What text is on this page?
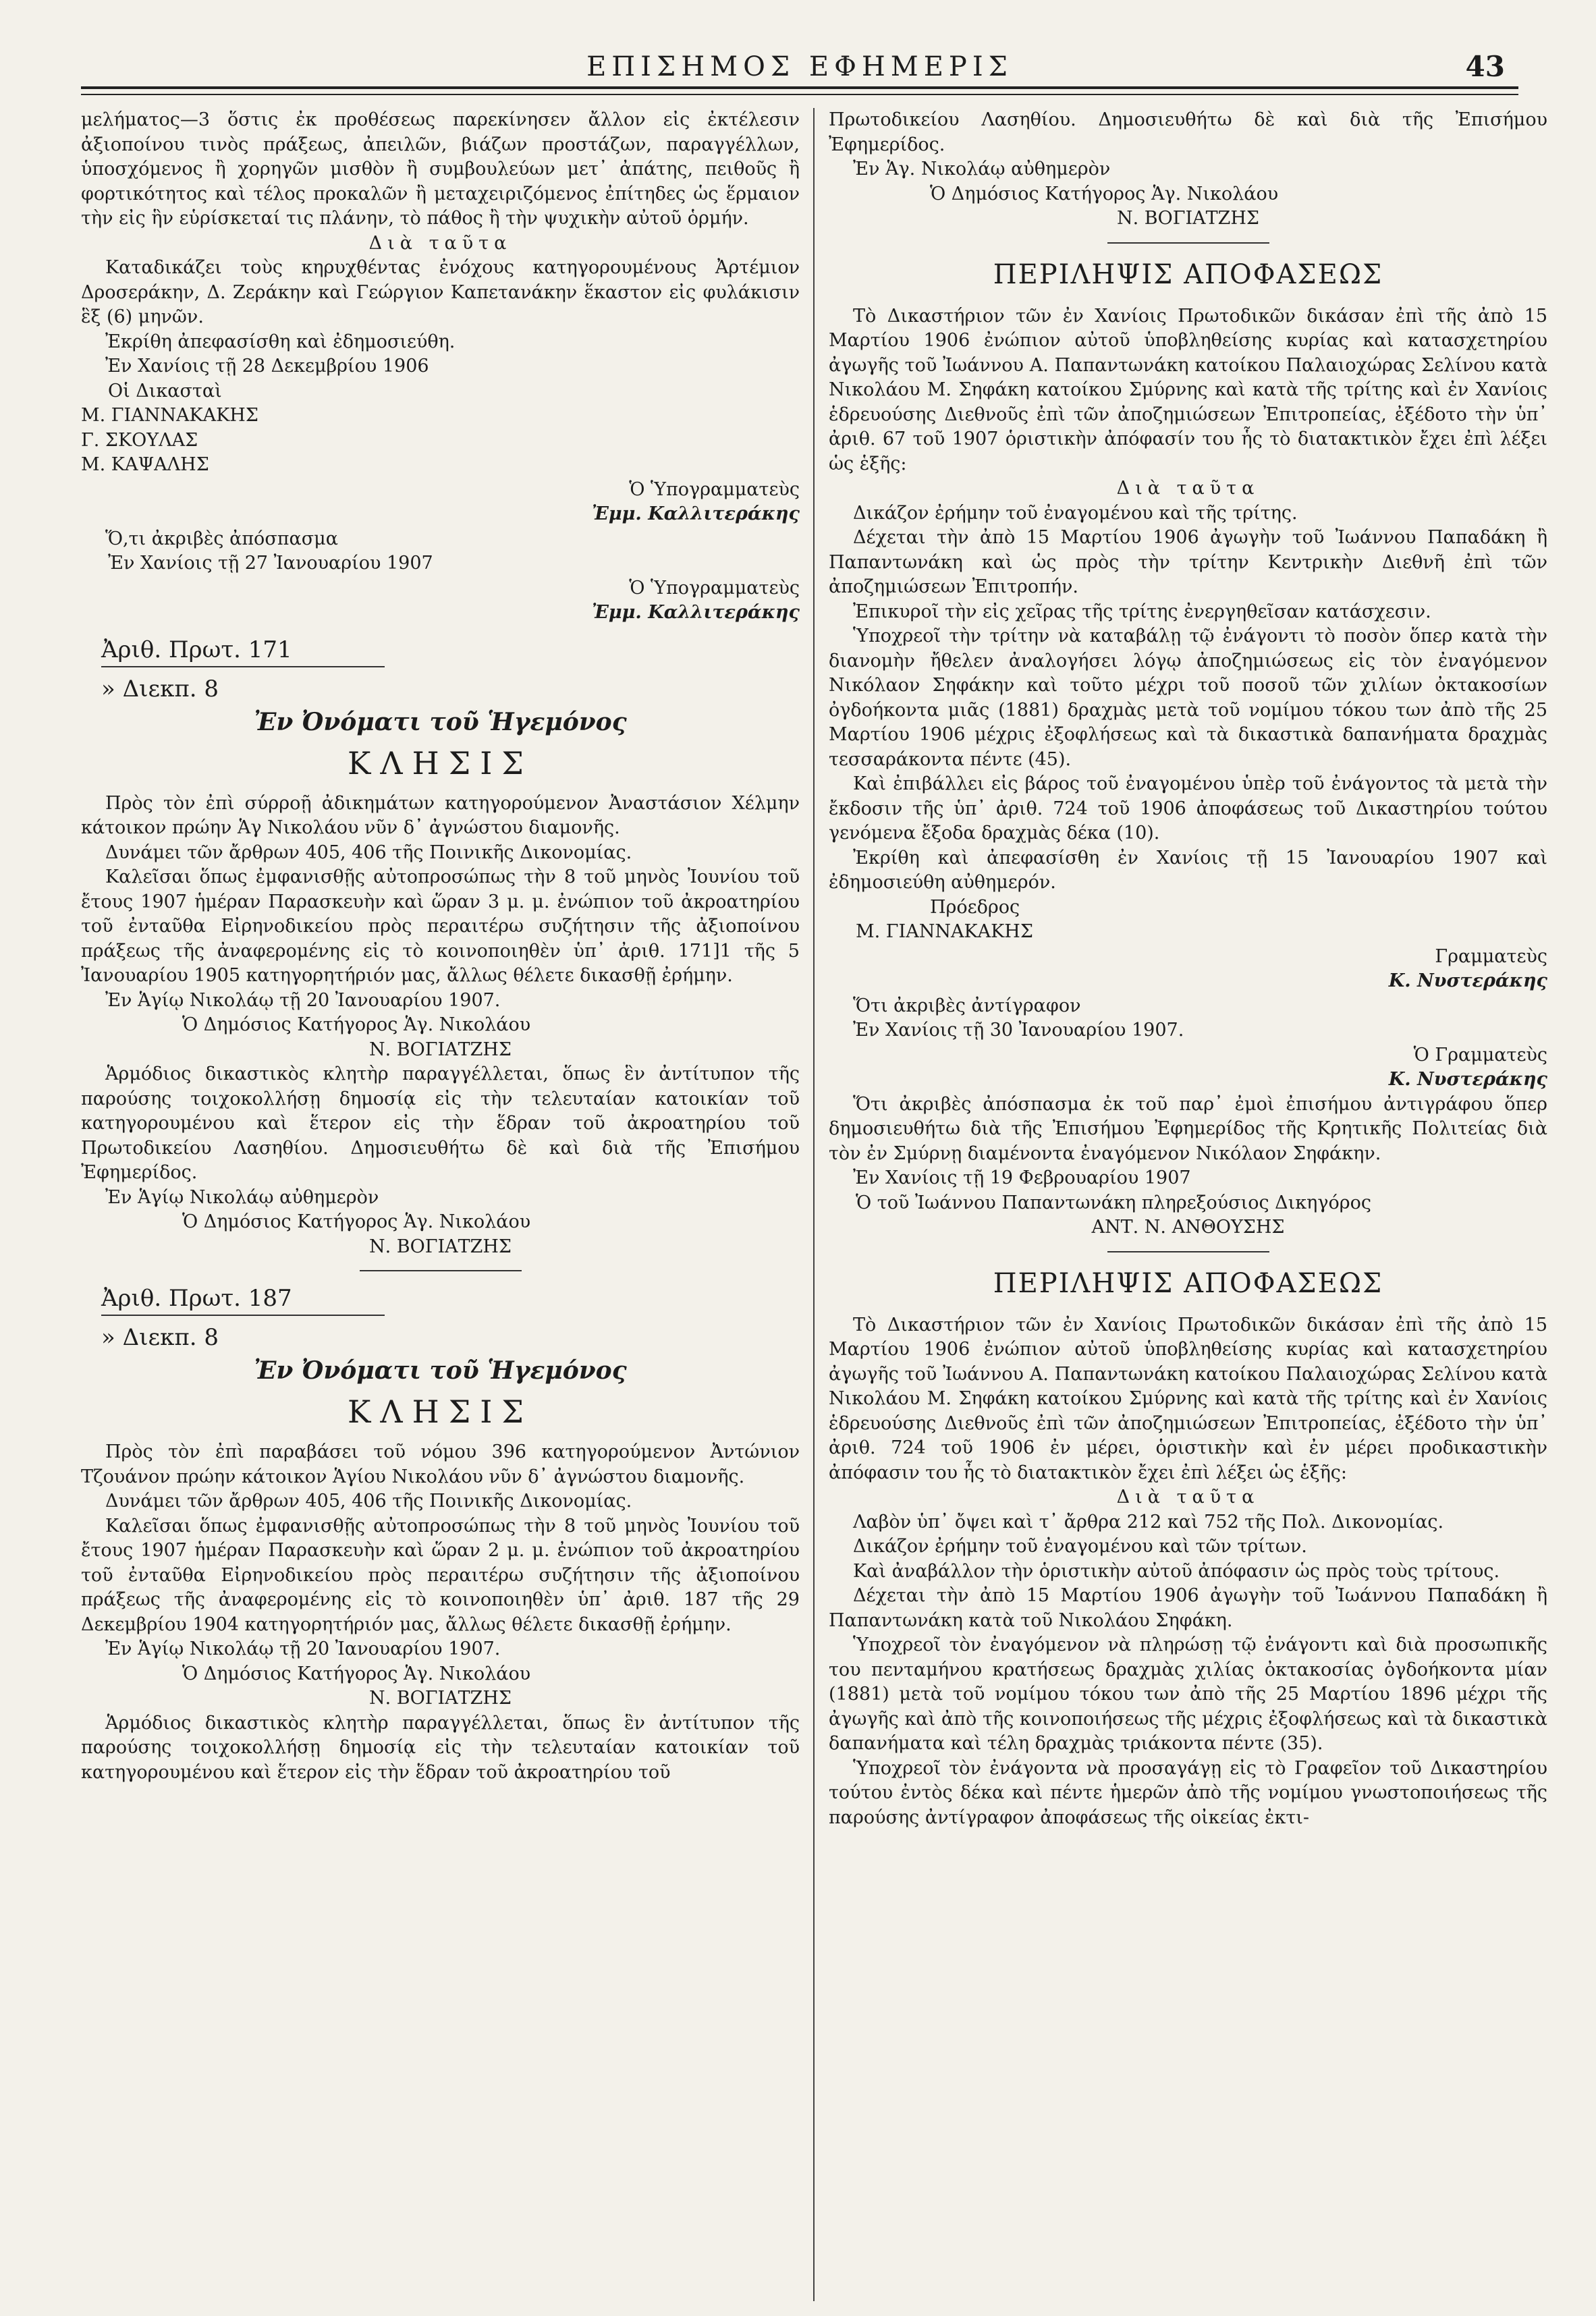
ΕΠΙΣΗΜΟΣ ΕΦΗΜΕΡΙΣ	43

μελήματος—3 ὅστις ἐκ προθέσεως παρεκίνησεν ἄλλον εἰς ἐκτέλεσιν ἀξιοποίνου τινὸς πράξεως, ἀπειλῶν, βιάζων προστάζων, παραγγέλλων, ὑποσχόμενος ἢ χορηγῶν μισθὸν ἢ συμβουλεύων μετ᾽ ἀπάτης, πειθοῦς ἢ φορτικότητος καὶ τέλος προκαλῶν ἢ μεταχειριζόμενος ἐπίτηδες ὡς ἕρμαιον τὴν εἰς ἣν εὑρίσκεταί τις πλάνην, τὸ πάθος ἢ τὴν ψυχικὴν αὐτοῦ ὁρμήν.

Διὰ ταῦτα

Καταδικάζει τοὺς κηρυχθέντας ἐνόχους κατηγορουμένους Ἀρτέμιον Δροσεράκην, Δ. Ζεράκην καὶ Γεώργιον Καπετανάκην ἕκαστον εἰς φυλάκισιν ἓξ (6) μηνῶν.

Ἐκρίθη ἀπεφασίσθη καὶ ἐδημοσιεύθη.

Ἐν Χανίοις τῇ 28 Δεκεμβρίου 1906

Οἱ Δικασταὶ

Μ. ΓΙΑΝΝΑΚΑΚΗΣ

Γ. ΣΚΟΥΛΑΣ

Μ. ΚΑΨΑΛΗΣ

Ὁ Ὑπογραμματεὺς

Ἐμμ. Καλλιτεράκης

Ὅ,τι ἀκριβὲς ἀπόσπασμα

Ἐν Χανίοις τῇ 27 Ἰανουαρίου 1907

Ὁ Ὑπογραμματεὺς

Ἐμμ. Καλλιτεράκης

Ἀριθ. Πρωτ. 171

» Διεκπ. 8

Ἐν Ὀνόματι τοῦ Ἡγεμόνος

ΚΛΗΣΙΣ

Πρὸς τὸν ἐπὶ σύρροῇ ἀδικημάτων κατηγορούμενον Ἀναστάσιον Χέλμην κάτοικον πρώην Ἁγ Νικολάου νῦν δ᾽ ἀγνώστου διαμονῆς.

Δυνάμει τῶν ἄρθρων 405, 406 τῆς Ποινικῆς Δικονομίας.

Καλεῖσαι ὅπως ἐμφανισθῇς αὐτοπροσώπως τὴν 8 τοῦ μηνὸς Ἰουνίου τοῦ ἔτους 1907 ἡμέραν Παρασκευὴν καὶ ὥραν 3 μ. μ. ἐνώπιον τοῦ ἀκροατηρίου τοῦ ἐνταῦθα Εἰρηνοδικείου πρὸς περαιτέρω συζήτησιν τῆς ἀξιοποίνου πράξεως τῆς ἀναφερομένης εἰς τὸ κοινοποιηθὲν ὑπ᾽ ἀριθ. 171]1 τῆς 5 Ἰανουαρίου 1905 κατηγορητήριόν μας, ἄλλως θέλετε δικασθῇ ἐρήμην.

Ἐν Ἁγίῳ Νικολάῳ τῇ 20 Ἰανουαρίου 1907.

Ὁ Δημόσιος Κατήγορος Ἁγ. Νικολάου

Ν. ΒΟΓΙΑΤΖΗΣ

Ἁρμόδιος δικαστικὸς κλητὴρ παραγγέλλεται, ὅπως ἓν ἀντίτυπον τῆς παρούσης τοιχοκολλήσῃ δημοσίᾳ εἰς τὴν τελευταίαν κατοικίαν τοῦ κατηγορουμένου καὶ ἕτερον εἰς τὴν ἕδραν τοῦ ἀκροατηρίου τοῦ Πρωτοδικείου Λασηθίου. Δημοσιευθήτω δὲ καὶ διὰ τῆς Ἐπισήμου Ἐφημερίδος.

Ἐν Ἁγίῳ Νικολάῳ αὐθημερὸν

Ὁ Δημόσιος Κατήγορος Ἁγ. Νικολάου

Ν. ΒΟΓΙΑΤΖΗΣ

Ἀριθ. Πρωτ. 187

» Διεκπ. 8

Ἐν Ὀνόματι τοῦ Ἡγεμόνος

ΚΛΗΣΙΣ

Πρὸς τὸν ἐπὶ παραβάσει τοῦ νόμου 396 κατηγορούμενον Ἀντώνιον Τζουάνον πρώην κάτοικον Ἁγίου Νικολάου νῦν δ᾽ ἀγνώστου διαμονῆς.

Δυνάμει τῶν ἄρθρων 405, 406 τῆς Ποινικῆς Δικονομίας.

Καλεῖσαι ὅπως ἐμφανισθῇς αὐτοπροσώπως τὴν 8 τοῦ μηνὸς Ἰουνίου τοῦ ἔτους 1907 ἡμέραν Παρασκευὴν καὶ ὥραν 2 μ. μ. ἐνώπιον τοῦ ἀκροατηρίου τοῦ ἐνταῦθα Εἰρηνοδικείου πρὸς περαιτέρω συζήτησιν τῆς ἀξιοποίνου πράξεως τῆς ἀναφερομένης εἰς τὸ κοινοποιηθὲν ὑπ᾽ ἀριθ. 187 τῆς 29 Δεκεμβρίου 1904 κατηγορητήριόν μας, ἄλλως θέλετε δικασθῇ ἐρήμην.

Ἐν Ἁγίῳ Νικολάῳ τῇ 20 Ἰανουαρίου 1907.

Ὁ Δημόσιος Κατήγορος Ἁγ. Νικολάου

Ν. ΒΟΓΙΑΤΖΗΣ

Ἁρμόδιος δικαστικὸς κλητὴρ παραγγέλλεται, ὅπως ἓν ἀντίτυπον τῆς παρούσης τοιχοκολλήσῃ δημοσίᾳ εἰς τὴν τελευταίαν κατοικίαν τοῦ κατηγορουμένου καὶ ἕτερον εἰς τὴν ἕδραν τοῦ ἀκροατηρίου τοῦ

Πρωτοδικείου Λασηθίου. Δημοσιευθήτω δὲ καὶ διὰ τῆς Ἐπισήμου Ἐφημερίδος.

Ἐν Ἁγ. Νικολάῳ αὐθημερὸν

Ὁ Δημόσιος Κατήγορος Ἁγ. Νικολάου

Ν. ΒΟΓΙΑΤΖΗΣ

ΠΕΡΙΛΗΨΙΣ ΑΠΟΦΑΣΕΩΣ

Τὸ Δικαστήριον τῶν ἐν Χανίοις Πρωτοδικῶν δικάσαν ἐπὶ τῆς ἀπὸ 15 Μαρτίου 1906 ἐνώπιον αὐτοῦ ὑποβληθείσης κυρίας καὶ κατασχετηρίου ἀγωγῆς τοῦ Ἰωάννου Α. Παπαντωνάκη κατοίκου Παλαιοχώρας Σελίνου κατὰ Νικολάου Μ. Σηφάκη κατοίκου Σμύρνης καὶ κατὰ τῆς τρίτης καὶ ἐν Χανίοις ἑδρευούσης Διεθνοῦς ἐπὶ τῶν ἀποζημιώσεων Ἐπιτροπείας, ἐξέδοτο τὴν ὑπ᾽ ἀριθ. 67 τοῦ 1907 ὁριστικὴν ἀπόφασίν του ἧς τὸ διατακτικὸν ἔχει ἐπὶ λέξει ὡς ἑξῆς:

Διὰ ταῦτα

Δικάζον ἐρήμην τοῦ ἐναγομένου καὶ τῆς τρίτης.

Δέχεται τὴν ἀπὸ 15 Μαρτίου 1906 ἀγωγὴν τοῦ Ἰωάννου Παπαδάκη ἢ Παπαντωνάκη καὶ ὡς πρὸς τὴν τρίτην Κεντρικὴν Διεθνῆ ἐπὶ τῶν ἀποζημιώσεων Ἐπιτροπήν.

Ἐπικυροῖ τὴν εἰς χεῖρας τῆς τρίτης ἐνεργηθεῖσαν κατάσχεσιν.

Ὑποχρεοῖ τὴν τρίτην νὰ καταβάλῃ τῷ ἐνάγοντι τὸ ποσὸν ὅπερ κατὰ τὴν διανομὴν ἤθελεν ἀναλογήσει λόγῳ ἀποζημιώσεως εἰς τὸν ἐναγόμενον Νικόλαον Σηφάκην καὶ τοῦτο μέχρι τοῦ ποσοῦ τῶν χιλίων ὀκτακοσίων ὀγδοήκοντα μιᾶς (1881) δραχμὰς μετὰ τοῦ νομίμου τόκου των ἀπὸ τῆς 25 Μαρτίου 1906 μέχρις ἐξοφλήσεως καὶ τὰ δικαστικὰ δαπανήματα δραχμὰς τεσσαράκοντα πέντε (45).

Καὶ ἐπιβάλλει εἰς βάρος τοῦ ἐναγομένου ὑπὲρ τοῦ ἐνάγοντος τὰ μετὰ τὴν ἔκδοσιν τῆς ὑπ᾽ ἀριθ. 724 τοῦ 1906 ἀποφάσεως τοῦ Δικαστηρίου τούτου γενόμενα ἔξοδα δραχμὰς δέκα (10).

Ἐκρίθη καὶ ἀπεφασίσθη ἐν Χανίοις τῇ 15 Ἰανουαρίου 1907 καὶ ἐδημοσιεύθη αὐθημερόν.

Πρόεδρος

Μ. ΓΙΑΝΝΑΚΑΚΗΣ

Γραμματεὺς

Κ. Νυστεράκης

Ὅτι ἀκριβὲς ἀντίγραφον

Ἐν Χανίοις τῇ 30 Ἰανουαρίου 1907.

Ὁ Γραμματεὺς

Κ. Νυστεράκης

Ὅτι ἀκριβὲς ἀπόσπασμα ἐκ τοῦ παρ᾽ ἐμοὶ ἐπισήμου ἀντιγράφου ὅπερ δημοσιευθήτω διὰ τῆς Ἐπισήμου Ἐφημερίδος τῆς Κρητικῆς Πολιτείας διὰ τὸν ἐν Σμύρνῃ διαμένοντα ἐναγόμενον Νικόλαον Σηφάκην.

Ἐν Χανίοις τῇ 19 Φεβρουαρίου 1907

Ὁ τοῦ Ἰωάννου Παπαντωνάκη πληρεξούσιος Δικηγόρος

ΑΝΤ. Ν. ΑΝΘΟΥΣΗΣ

ΠΕΡΙΛΗΨΙΣ ΑΠΟΦΑΣΕΩΣ

Τὸ Δικαστήριον τῶν ἐν Χανίοις Πρωτοδικῶν δικάσαν ἐπὶ τῆς ἀπὸ 15 Μαρτίου 1906 ἐνώπιον αὐτοῦ ὑποβληθείσης κυρίας καὶ κατασχετηρίου ἀγωγῆς τοῦ Ἰωάννου Α. Παπαντωνάκη κατοίκου Παλαιοχώρας Σελίνου κατὰ Νικολάου Μ. Σηφάκη κατοίκου Σμύρνης καὶ κατὰ τῆς τρίτης καὶ ἐν Χανίοις ἑδρευούσης Διεθνοῦς ἐπὶ τῶν ἀποζημιώσεων Ἐπιτροπείας, ἐξέδοτο τὴν ὑπ᾽ ἀριθ. 724 τοῦ 1906 ἐν μέρει, ὁριστικὴν καὶ ἐν μέρει προδικαστικὴν ἀπόφασιν του ἧς τὸ διατακτικὸν ἔχει ἐπὶ λέξει ὡς ἑξῆς:

Διὰ ταῦτα

Λαβὸν ὑπ᾽ ὄψει καὶ τ᾽ ἄρθρα 212 καὶ 752 τῆς Πολ. Δικονομίας.

Δικάζον ἐρήμην τοῦ ἐναγομένου καὶ τῶν τρίτων.

Καὶ ἀναβάλλον τὴν ὁριστικὴν αὐτοῦ ἀπόφασιν ὡς πρὸς τοὺς τρίτους.

Δέχεται τὴν ἀπὸ 15 Μαρτίου 1906 ἀγωγὴν τοῦ Ἰωάννου Παπαδάκη ἢ Παπαντωνάκη κατὰ τοῦ Νικολάου Σηφάκη.

Ὑποχρεοῖ τὸν ἐναγόμενον νὰ πληρώσῃ τῷ ἐνάγοντι καὶ διὰ προσωπικῆς του πενταμήνου κρατήσεως δραχμὰς χιλίας ὀκτακοσίας ὀγδοήκοντα μίαν (1881) μετὰ τοῦ νομίμου τόκου των ἀπὸ τῆς 25 Μαρτίου 1896 μέχρι τῆς ἀγωγῆς καὶ ἀπὸ τῆς κοινοποιήσεως τῆς μέχρις ἐξοφλήσεως καὶ τὰ δικαστικὰ δαπανήματα καὶ τέλη δραχμὰς τριάκοντα πέντε (35).

Ὑποχρεοῖ τὸν ἐνάγοντα νὰ προσαγάγῃ εἰς τὸ Γραφεῖον τοῦ Δικαστηρίου τούτου ἐντὸς δέκα καὶ πέντε ἡμερῶν ἀπὸ τῆς νομίμου γνωστοποιήσεως τῆς παρούσης ἀντίγραφον ἀποφάσεως τῆς οἰκείας ἐκτι-
